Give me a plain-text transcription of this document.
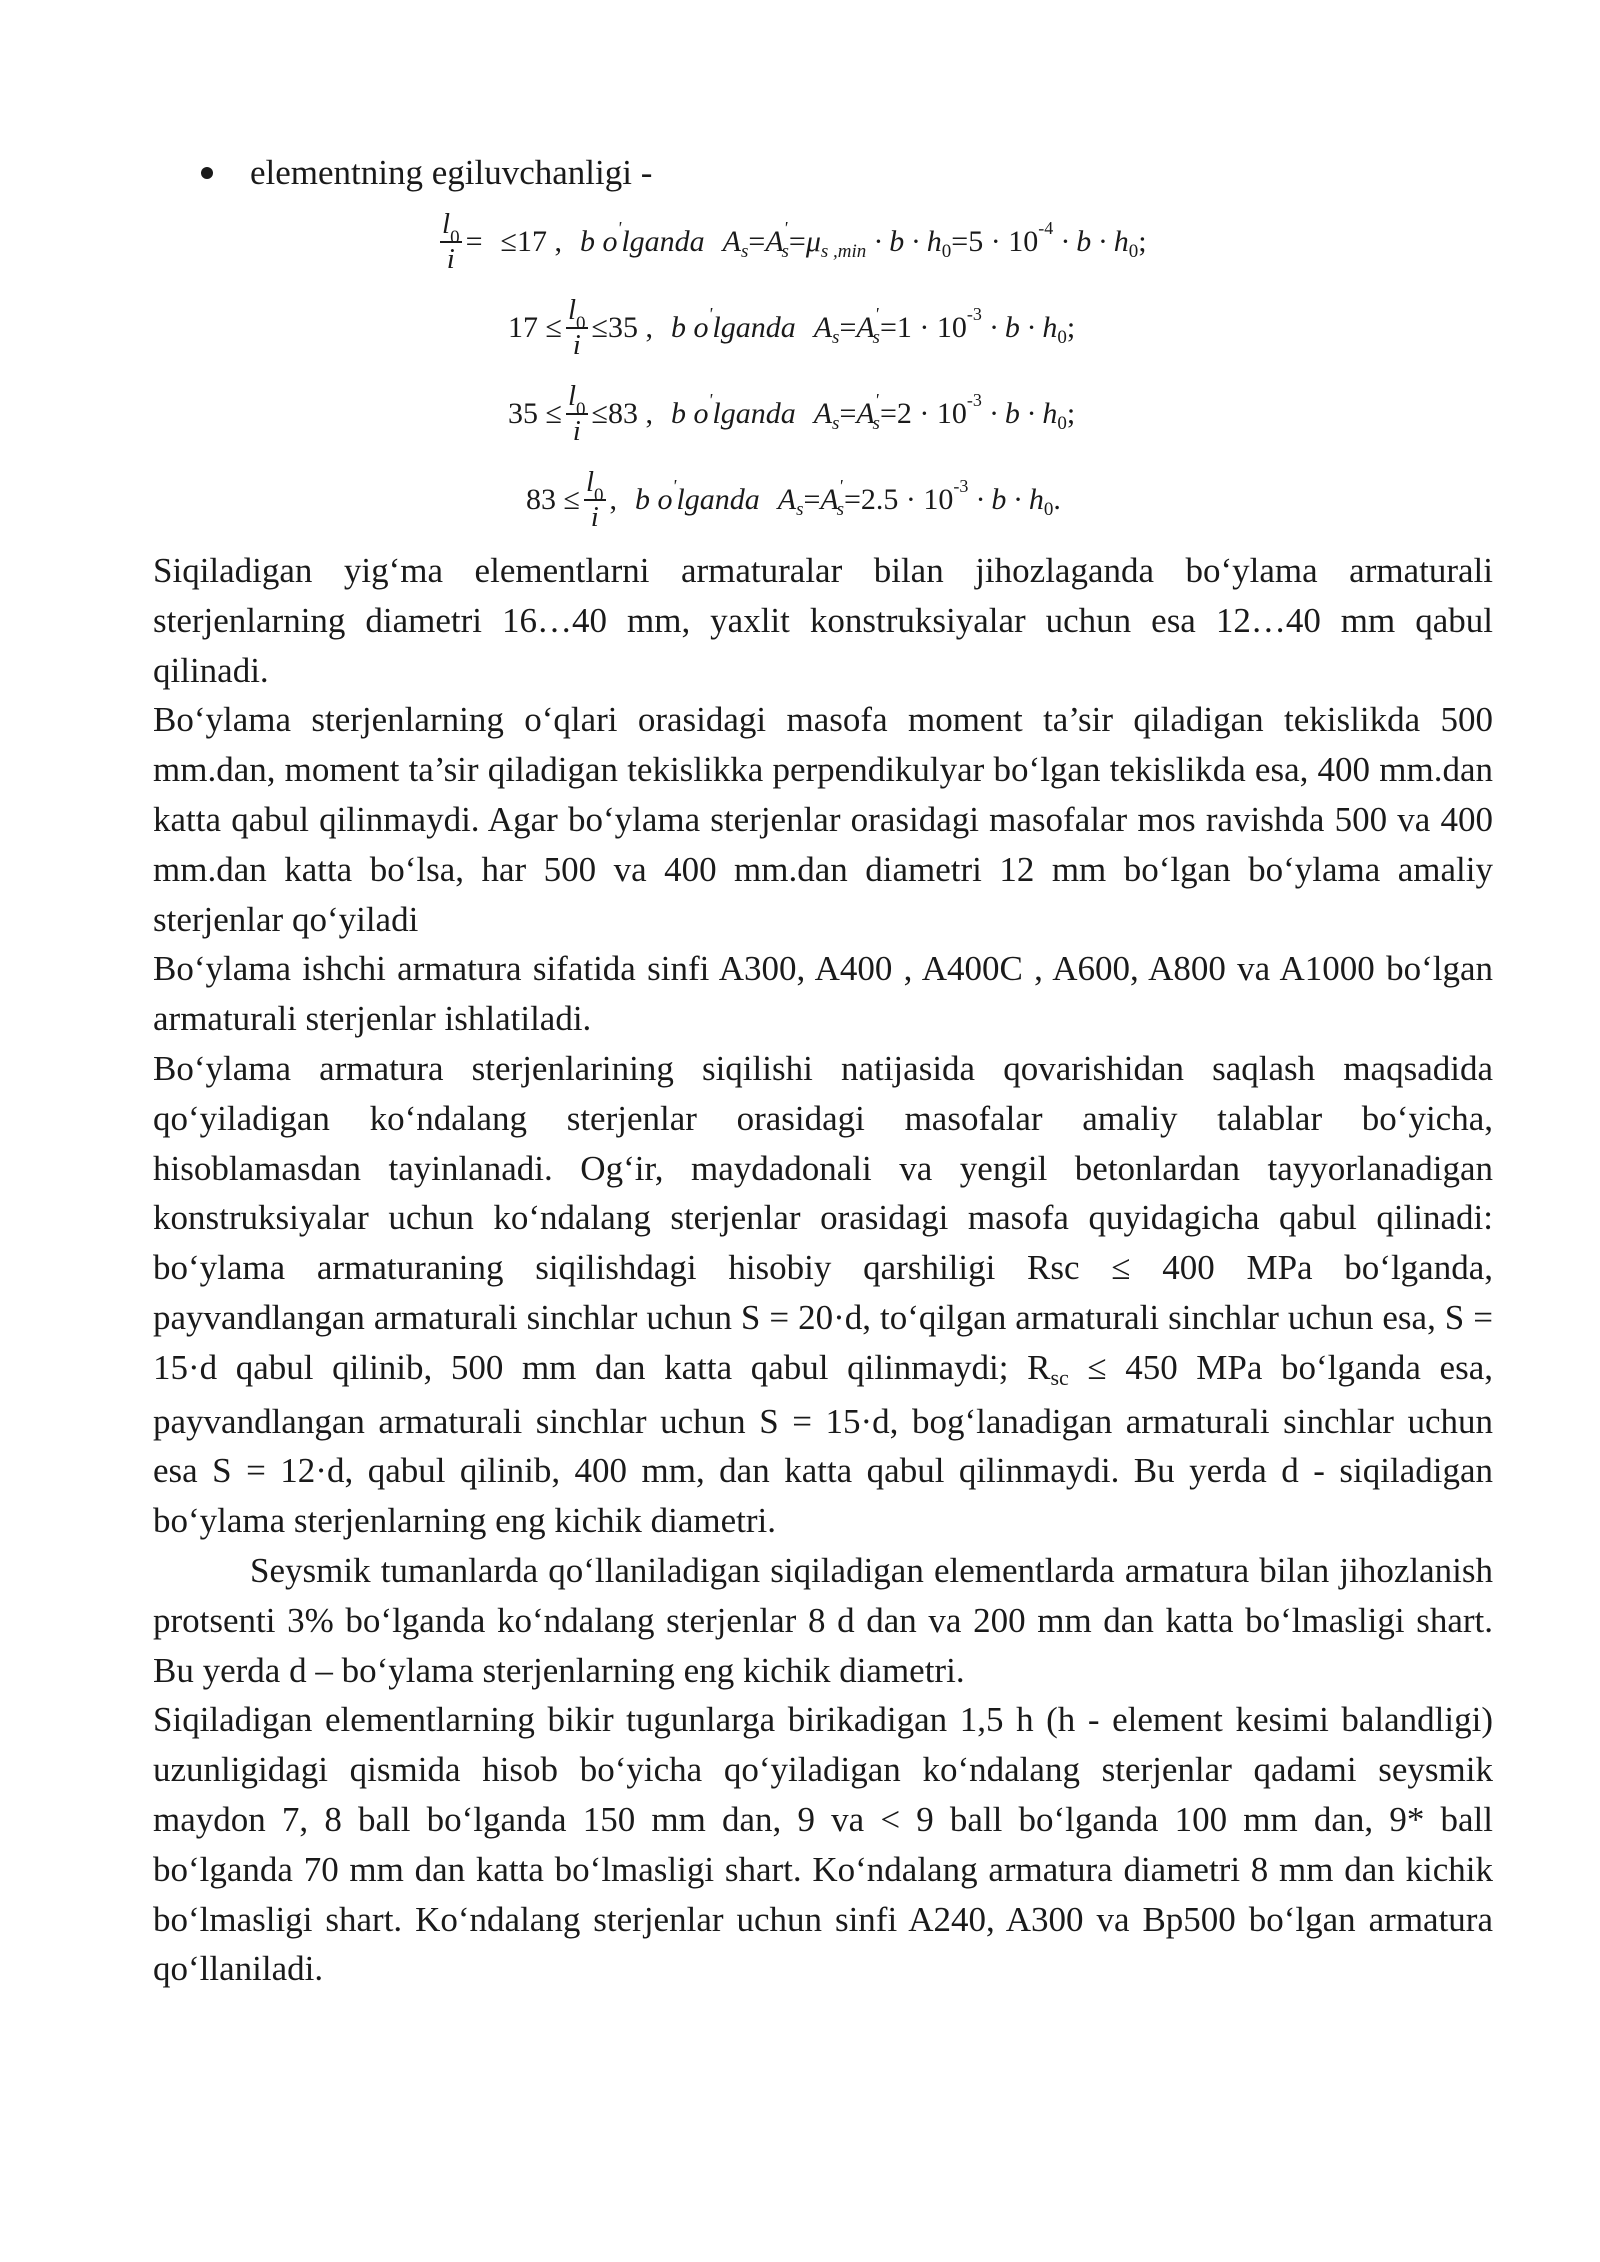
elementning egiluvchanligi -
$\frac{l_0}{i} = \le 17$ , b o ' lganda A s = A '
s = μ s ,min · b · h 0 =5 · 10 -4 · b · h 0 ;
$17 \le \frac{l_0}{i} \le 35$ , b o ' lganda A s = A '
s =1 · 10 -3 · b · h 0 ;
$35 \le \frac{l_0}{i} \le 83$ , b o ' lganda A s = A '
s =2 · 10 -3 · b · h 0 ;
$83 \le \frac{l_0}{i}$ , b o ' lganda A s = A '
s =2.5 · 10 -3 · b · h 0 .

Siqiladigan yig‘ma elementlarni armaturalar bilan jihozlaganda bo‘ylama armaturali sterjenlarning diametri 16…40 mm, yaxlit konstruksiyalar uchun esa 12…40 mm qabul qilinadi.

Bo‘ylama sterjenlarning o‘qlari orasidagi masofa moment ta’sir qiladigan tekislikda 500 mm.dan, moment ta’sir qiladigan tekislikka perpendikulyar bo‘lgan tekislikda esa, 400 mm.dan katta qabul qilinmaydi. Agar bo‘ylama sterjenlar orasidagi masofalar mos ravishda 500 va 400 mm.dan katta bo‘lsa, har 500 va 400 mm.dan diametri 12 mm bo‘lgan bo‘ylama amaliy sterjenlar qo‘yiladi

Bo‘ylama ishchi armatura sifatida sinfi A300, A400 , A400C , A600, A800 va A1000 bo‘lgan armaturali sterjenlar ishlatiladi.

Bo‘ylama armatura sterjenlarining siqilishi natijasida qovarishidan saqlash maqsadida qo‘yiladigan ko‘ndalang sterjenlar orasidagi masofalar amaliy talablar bo‘yicha, hisoblamasdan tayinlanadi. Og‘ir, maydadonali va yengil betonlardan tayyorlanadigan konstruksiyalar uchun ko‘ndalang sterjenlar orasidagi masofa quyidagicha qabul qilinadi: bo‘ylama armaturaning siqilishdagi hisobiy qarshiligi Rsc ≤ 400 MPa bo‘lganda, payvandlangan armaturali sinchlar uchun S = 20·d, to‘qilgan armaturali sinchlar uchun esa, S = 15·d qabul qilinib, 500 mm dan katta qabul qilinmaydi; Rsc ≤ 450 MPa bo‘lganda esa, payvandlangan armaturali sinchlar uchun S = 15·d, bog‘lanadigan armaturali sinchlar uchun esa S = 12·d, qabul qilinib, 400 mm, dan katta qabul qilinmaydi. Bu yerda d - siqiladigan bo‘ylama sterjenlarning eng kichik diametri.

Seysmik tumanlarda qo‘llaniladigan siqiladigan elementlarda armatura bilan jihozlanish protsenti 3% bo‘lganda ko‘ndalang sterjenlar 8 d dan va 200 mm dan katta bo‘lmasligi shart. Bu yerda d – bo‘ylama sterjenlarning eng kichik diametri.

Siqiladigan elementlarning bikir tugunlarga birikadigan 1,5 h (h - element kesimi balandligi) uzunligidagi qismida hisob bo‘yicha qo‘yiladigan ko‘ndalang sterjenlar qadami seysmik maydon 7, 8 ball bo‘lganda 150 mm dan, 9 va < 9 ball bo‘lganda 100 mm dan, 9* ball bo‘lganda 70 mm dan katta bo‘lmasligi shart. Ko‘ndalang armatura diametri 8 mm dan kichik bo‘lmasligi shart. Ko‘ndalang sterjenlar uchun sinfi A240, A300 va Bp500 bo‘lgan armatura qo‘llaniladi.
